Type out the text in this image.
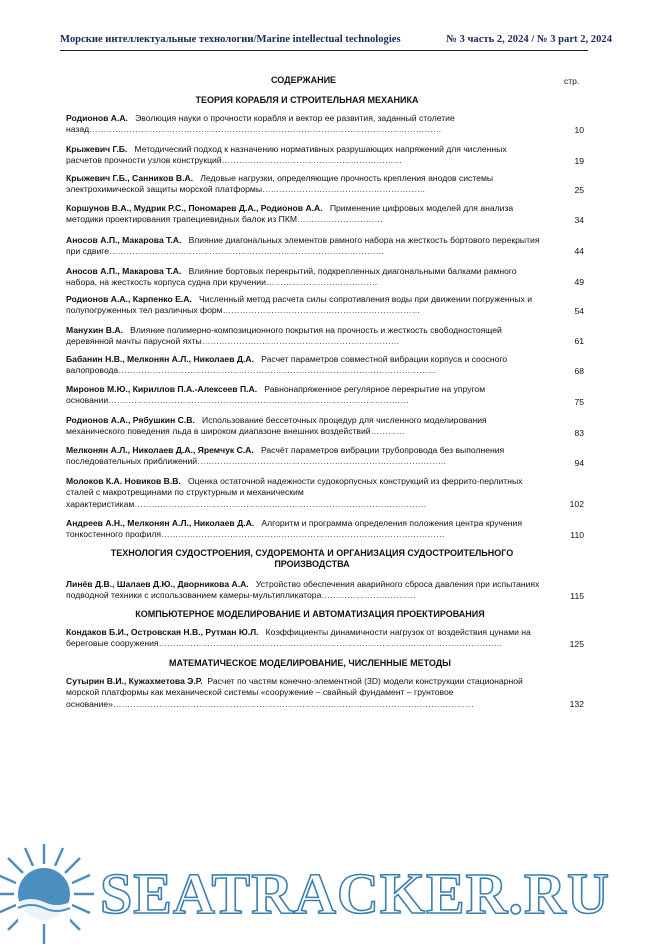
Морские интеллектуальные технологии/Marine intellectual technologies	№ 3 часть 2, 2024 / № 3 part 2, 2024
СОДЕРЖАНИЕ	стр.
ТЕОРИЯ КОРАБЛЯ И СТРОИТЕЛЬНАЯ МЕХАНИКА
ТЕХНОЛОГИЯ СУДОСТРОЕНИЯ, СУДОРЕМОНТА И ОРГАНИЗАЦИЯ СУДОСТРОИТЕЛЬНОГО ПРОИЗВОДСТВА
КОМПЬЮТЕРНОЕ МОДЕЛИРОВАНИЕ И АВТОМАТИЗАЦИЯ ПРОЕКТИРОВАНИЯ
МАТЕМАТИЧЕСКОЕ МОДЕЛИРОВАНИЕ, ЧИСЛЕННЫЕ МЕТОДЫ
Родионов А.А. Эволюция науки о прочности корабля и вектор ее развития, заданный столетие назад……………………………………………………………………………………………………………	10
Крыжевич Г.Б. Методический подход к назначению нормативных разрушающих напряжений для численных расчетов прочности узлов конструкций………………………………………………………	19
Крыжевич Г.Б., Санников В.А. Ледовые нагрузки, определяющие прочность крепления анодов системы электрохимической защиты морской платформы…………………………………………………	25
Коршунов В.А., Мудрик Р.С., Пономарев Д.А., Родионов А.А. Применение цифровых моделей для анализа методики проектирования трапециевидных балок из ПКМ…………………………	34
Аносов А.П., Макарова Т.А. Влияние диагональных элементов рамного набора на жесткость бортового перекрытия при сдвиге……………………………………………………………………………………	44
Аносов А.П., Макарова Т.А. Влияние бортовых перекрытий, подкрепленных диагональными балками рамного набора, на жесткость корпуса судна при кручении…………………………………	49
Родионов А.А., Карпенко Е.А. Численный метод расчета силы сопротивления воды при движении погруженных и полупогруженных тел различных форм……………………………………………………………	54
Манухин В.А. Влияние полимерно-композиционного покрытия на прочность и жесткость свободностоящей деревянной мачты парусной яхты……………………………………………………………	61
Бабанин Н.В., Мелконян А.Л., Николаев Д.А. Расчет параметров совместной вибрации корпуса и соосного валопровода…………………………………………………………………………………………………	68
Миронов М.Ю., Кириллов П.А.-Алексеев П.А. Равнонапряженное регулярное перекрытие на упругом основании……………………………………………………………………………………………	75
Родионов А.А., Рябушкин С.В. Использование бессеточных процедур для численного моделирования механического поведения льда в широком диапазоне внешних воздействий…………	83
Мелконян А.Л., Николаев Д.А., Яремчук С.А. Расчёт параметров вибрации трубопровода без выполнения последовательных приближений……………………………………………………………………………	94
Молоков К.А. Новиков В.В. Оценка остаточной надежности судокорпусных конструкций из феррито-перлитных сталей с макротрещинами по структурным и механическим характеристикам…………………………………………………………………………………………	102
Андреев А.Н., Мелконян А.Л., Николаев Д.А. Алгоритм и программа определения положения центра кручения тонкостенного профиля………………………………………………………………………………………	110
Линёв Д.В., Шалаев Д.Ю., Дворникова А.А. Устройство обеспечения аварийного сброса давления при испытаниях подводной техники с использованием камеры-мультипликатора……………………………	115
Кондаков Б.И., Островская Н.В., Рутман Ю.Л. Коэффициенты динамичности нагрузок от воздействия цунами на береговые сооружения…………………………………………………………………………………………………………	125
Сутырин В.И., Кужахметова Э.Р. Расчет по частям конечно-элементной (3D) модели конструкции стационарной морской платформы как механической системы «сооружение – свайный фундамент – грунтовое основание»………………………………………………………………………………………………………………	132
SEATRACKER.RU
